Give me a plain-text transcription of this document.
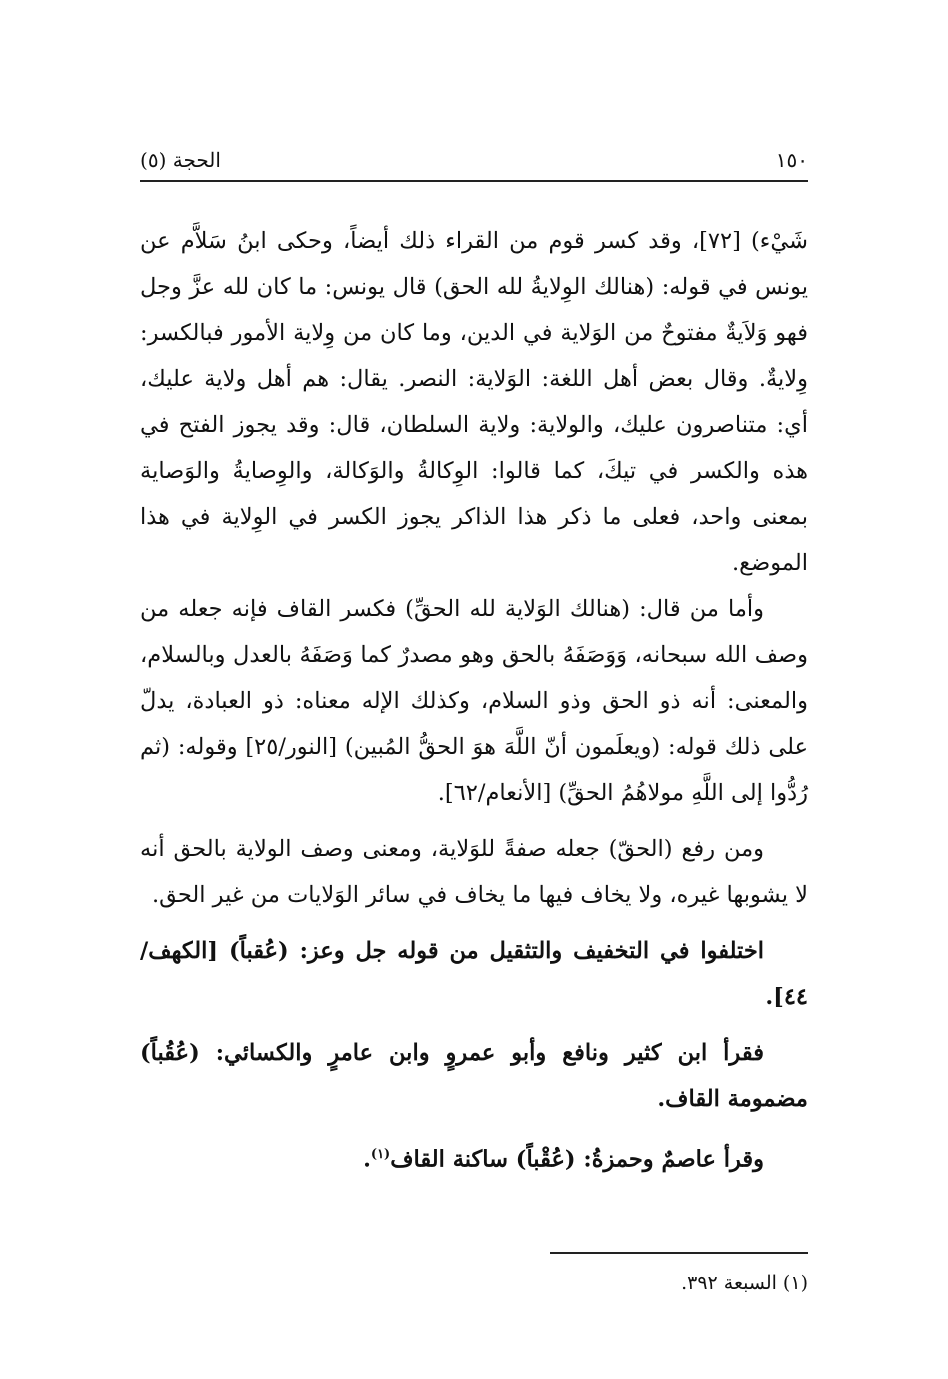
١٥٠
الحجة (٥)

شَيْء) [٧٢]، وقد كسر قوم من القراء ذلك أيضاً، وحكى ابنُ سَلاَّم عن يونس في قوله: (هنالك الوِلايةُ لله الحق) قال يونس: ما كان لله عزَّ وجل فهو وَلاَيةٌ مفتوحٌ من الوَلاية في الدين، وما كان من وِلاية الأمور فبالكسر: وِلايةٌ. وقال بعض أهل اللغة: الوَلاية: النصر. يقال: هم أهل ولاية عليك، أي: متناصرون عليك، والولاية: ولاية السلطان، قال: وقد يجوز الفتح في هذه والكسر في تيكَ، كما قالوا: الوِكالةُ والوَكالة، والوِصايةُ والوَصاية بمعنى واحد، فعلى ما ذكر هذا الذاكر يجوز الكسر في الوِلاية في هذا الموضع.

وأما من قال: (هنالك الوَلاية لله الحقِّ) فكسر القاف فإنه جعله من وصف الله سبحانه، وَوَصَفَهُ بالحق وهو مصدرٌ كما وَصَفَهُ بالعدل وبالسلام، والمعنى: أنه ذو الحق وذو السلام، وكذلك الإله معناه: ذو العبادة، يدلّ على ذلك قوله: (ويعلَمون أنّ اللَّهَ هوَ الحقُّ المُبين) [النور/٢٥] وقوله: (ثم رُدُّوا إلى اللَّهِ مولاهُمُ الحقِّ) [الأنعام/٦٢].

ومن رفع (الحقّ) جعله صفةً للوَلاية، ومعنى وصف الولاية بالحق أنه لا يشوبها غيره، ولا يخاف فيها ما يخاف في سائر الوَلايات من غير الحق.

اختلفوا في التخفيف والتثقيل من قوله جل وعز: (عُقباً) [الكهف/٤٤].

فقرأ ابن كثير ونافع وأبو عمروٍ وابن عامرٍ والكسائي: (عُقُباً) مضمومة القاف.

وقرأ عاصمٌ وحمزةُ: (عُقْباً) ساكنة القاف$^{(١)}$.

(١) السبعة ٣٩٢.
